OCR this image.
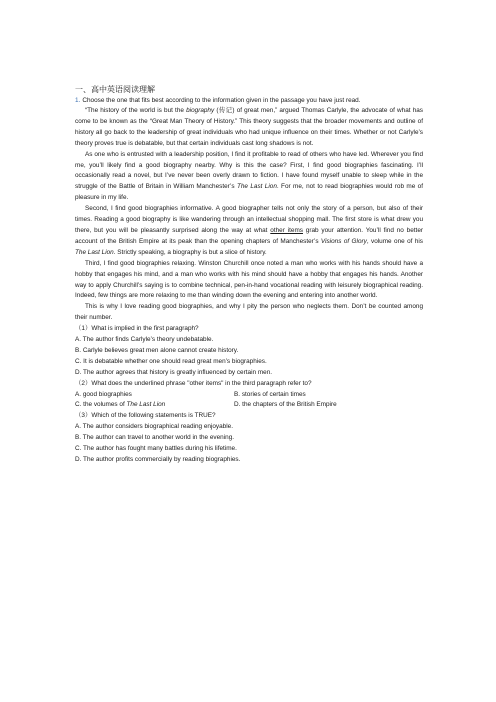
一、高中英语阅读理解

1. Choose the one that fits best according to the information given in the passage you have just read.

“The history of the world is but the biography (传记) of great men,” argued Thomas Carlyle, the advocate of what has come to be known as the “Great Man Theory of History.” This theory suggests that the broader movements and outline of history all go back to the leadership of great individuals who had unique influence on their times. Whether or not Carlyle’s theory proves true is debatable, but that certain individuals cast long shadows is not.

As one who is entrusted with a leadership position, I find it profitable to read of others who have led. Wherever you find me, you’ll likely find a good biography nearby. Why is this the case? First, I find good biographies fascinating. I’ll occasionally read a novel, but I’ve never been overly drawn to fiction. I have found myself unable to sleep while in the struggle of the Battle of Britain in William Manchester’s The Last Lion. For me, not to read biographies would rob me of pleasure in my life.

Second, I find good biographies informative. A good biographer tells not only the story of a person, but also of their times. Reading a good biography is like wandering through an intellectual shopping mall. The first store is what drew you there, but you will be pleasantly surprised along the way at what other items grab your attention. You’ll find no better account of the British Empire at its peak than the opening chapters of Manchester’s Visions of Glory, volume one of his The Last Lion. Strictly speaking, a biography is but a slice of history.

Third, I find good biographies relaxing. Winston Churchill once noted a man who works with his hands should have a hobby that engages his mind, and a man who works with his mind should have a hobby that engages his hands. Another way to apply Churchill’s saying is to combine technical, pen-in-hand vocational reading with leisurely biographical reading. Indeed, few things are more relaxing to me than winding down the evening and entering into another world.

This is why I love reading good biographies, and why I pity the person who neglects them. Don’t be counted among their number.

（1）What is implied in the first paragraph?

A. The author finds Carlyle’s theory undebatable.

B. Carlyle believes great men alone cannot create history.

C. It is debatable whether one should read great men’s biographies.

D. The author agrees that history is greatly influenced by certain men.

（2）What does the underlined phrase "other items" in the third paragraph refer to?

A. good biographies	B. stories of certain times
C. the volumes of The Last Lion	D. the chapters of the British Empire

（3）Which of the following statements is TRUE?

A. The author considers biographical reading enjoyable.

B. The author can travel to another world in the evening.

C. The author has fought many battles during his lifetime.

D. The author profits commercially by reading biographies.
